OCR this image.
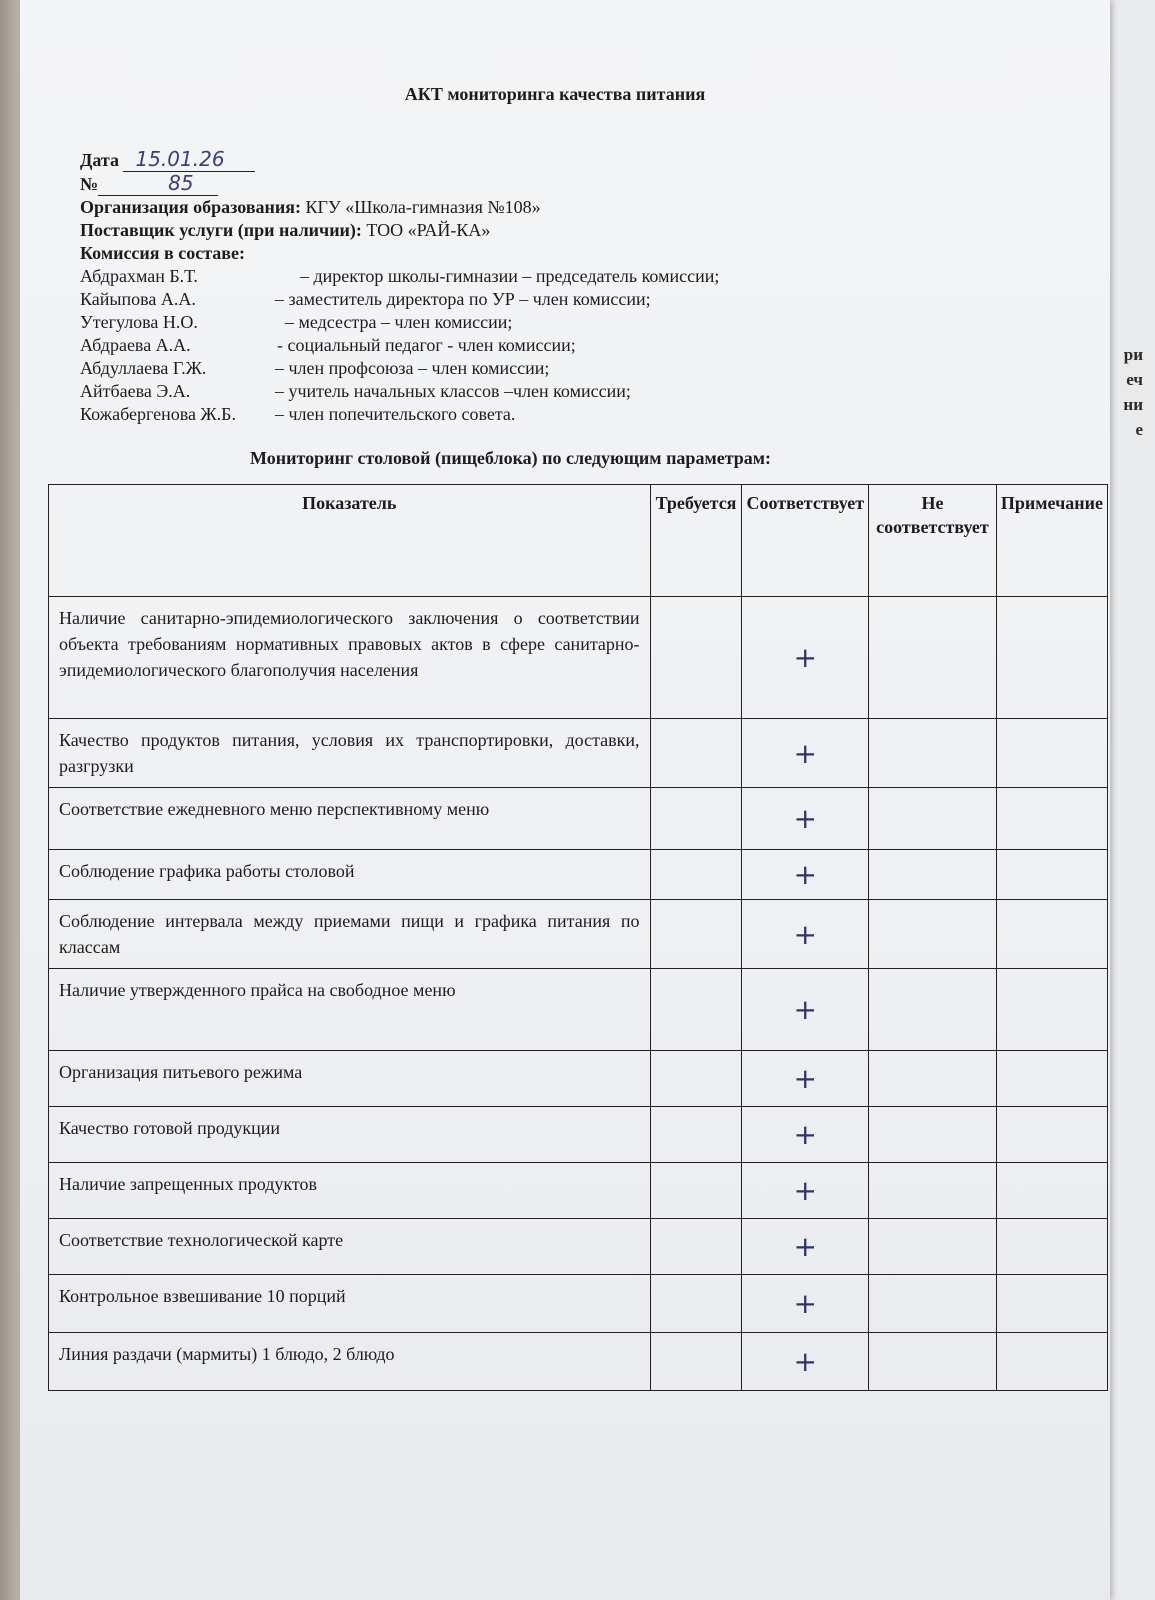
ри
еч
ни
е
АКТ мониторинга качества питания
Дата 15.01.26
№	85
Организация образования: КГУ «Школа-гимназия №108»
Поставщик услуги (при наличии): ТОО «РАЙ-КА»
Комиссия в составе:
Абдрахман Б.Т.	– директор школы-гимназии – председатель комиссии;
Кайыпова А.А.	– заместитель директора по УР – член комиссии;
Утегулова Н.О.	– медсестра – член комиссии;
Абдраева А.А.	- социальный педагог - член комиссии;
Абдуллаева Г.Ж.	– член профсоюза – член комиссии;
Айтбаева Э.А.	– учитель начальных классов –член комиссии;
Кожабергенова Ж.Б.	– член попечительского совета.
Мониторинг столовой (пищеблока) по следующим параметрам:
Показатель	Требуется	Соответствует	Не соответствует	Примечание
Наличие санитарно-эпидемиологического заключения о соответствии объекта требованиям нормативных правовых актов в сфере санитарно-эпидемиологического благополучия населения		+		
Качество продуктов питания, условия их транспортировки, доставки, разгрузки		+		
Соответствие ежедневного меню перспективному меню		+		
Соблюдение графика работы столовой		+		
Соблюдение интервала между приемами пищи и графика питания по классам		+		
Наличие утвержденного прайса на свободное меню		+		
Организация питьевого режима		+		
Качество готовой продукции		+		
Наличие запрещенных продуктов		+		
Соответствие технологической карте		+		
Контрольное взвешивание 10 порций		+		
Линия раздачи (мармиты) 1 блюдо, 2 блюдо		+		
